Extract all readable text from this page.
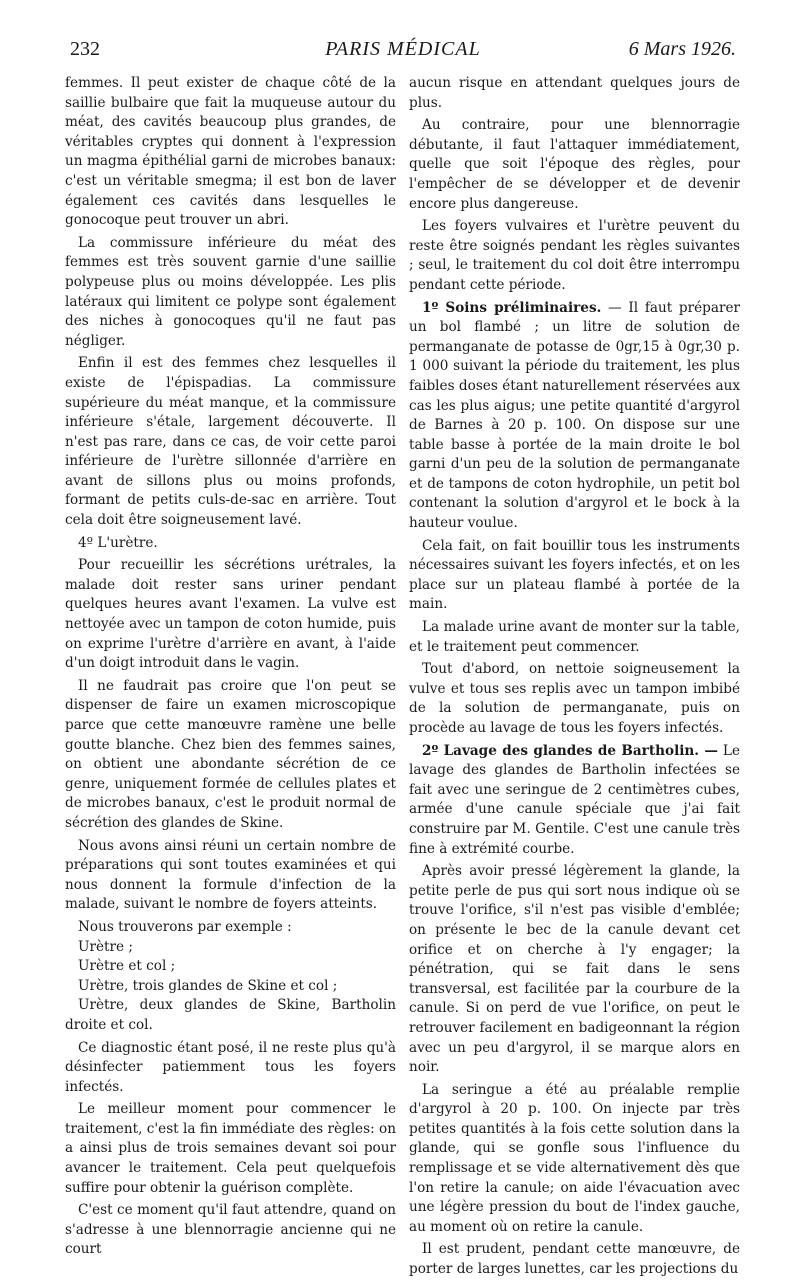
232	PARIS MÉDICAL	6 Mars 1926.

femmes. Il peut exister de chaque côté de la saillie bulbaire que fait la muqueuse autour du méat, des cavités beaucoup plus grandes, de véritables cryptes qui donnent à l'expression un magma épithélial garni de microbes banaux: c'est un véritable smegma; il est bon de laver également ces cavités dans lesquelles le gonocoque peut trouver un abri.

La commissure inférieure du méat des femmes est très souvent garnie d'une saillie polypeuse plus ou moins développée. Les plis latéraux qui limitent ce polype sont également des niches à gonocoques qu'il ne faut pas négliger.

Enfin il est des femmes chez lesquelles il existe de l'épispadias. La commissure supérieure du méat manque, et la commissure inférieure s'étale, largement découverte. Il n'est pas rare, dans ce cas, de voir cette paroi inférieure de l'urètre sillonnée d'arrière en avant de sillons plus ou moins profonds, formant de petits culs-de-sac en arrière. Tout cela doit être soigneusement lavé.

4º L'urètre.

Pour recueillir les sécrétions urétrales, la malade doit rester sans uriner pendant quelques heures avant l'examen. La vulve est nettoyée avec un tampon de coton humide, puis on exprime l'urètre d'arrière en avant, à l'aide d'un doigt introduit dans le vagin.

Il ne faudrait pas croire que l'on peut se dispenser de faire un examen microscopique parce que cette manœuvre ramène une belle goutte blanche. Chez bien des femmes saines, on obtient une abondante sécrétion de ce genre, uniquement formée de cellules plates et de microbes banaux, c'est le produit normal de sécrétion des glandes de Skine.

Nous avons ainsi réuni un certain nombre de préparations qui sont toutes examinées et qui nous donnent la formule d'infection de la malade, suivant le nombre de foyers atteints.

Nous trouverons par exemple :

Urètre ;

Urètre et col ;

Urètre, trois glandes de Skine et col ;

Urètre, deux glandes de Skine, Bartholin droite et col.

Ce diagnostic étant posé, il ne reste plus qu'à désinfecter patiemment tous les foyers infectés.

Le meilleur moment pour commencer le traitement, c'est la fin immédiate des règles: on a ainsi plus de trois semaines devant soi pour avancer le traitement. Cela peut quelquefois suffire pour obtenir la guérison complète.

C'est ce moment qu'il faut attendre, quand on s'adresse à une blennorragie ancienne qui ne court

aucun risque en attendant quelques jours de plus.

Au contraire, pour une blennorragie débutante, il faut l'attaquer immédiatement, quelle que soit l'époque des règles, pour l'empêcher de se développer et de devenir encore plus dangereuse.

Les foyers vulvaires et l'urètre peuvent du reste être soignés pendant les règles suivantes ; seul, le traitement du col doit être interrompu pendant cette période.

1º Soins préliminaires. — Il faut préparer un bol flambé ; un litre de solution de permanganate de potasse de 0gr,15 à 0gr,30 p. 1 000 suivant la période du traitement, les plus faibles doses étant naturellement réservées aux cas les plus aigus; une petite quantité d'argyrol de Barnes à 20 p. 100. On dispose sur une table basse à portée de la main droite le bol garni d'un peu de la solution de permanganate et de tampons de coton hydrophile, un petit bol contenant la solution d'argyrol et le bock à la hauteur voulue.

Cela fait, on fait bouillir tous les instruments nécessaires suivant les foyers infectés, et on les place sur un plateau flambé à portée de la main.

La malade urine avant de monter sur la table, et le traitement peut commencer.

Tout d'abord, on nettoie soigneusement la vulve et tous ses replis avec un tampon imbibé de la solution de permanganate, puis on procède au lavage de tous les foyers infectés.

2º Lavage des glandes de Bartholin. — Le lavage des glandes de Bartholin infectées se fait avec une seringue de 2 centimètres cubes, armée d'une canule spéciale que j'ai fait construire par M. Gentile. C'est une canule très fine à extrémité courbe.

Après avoir pressé légèrement la glande, la petite perle de pus qui sort nous indique où se trouve l'orifice, s'il n'est pas visible d'emblée; on présente le bec de la canule devant cet orifice et on cherche à l'y engager; la pénétration, qui se fait dans le sens transversal, est facilitée par la courbure de la canule. Si on perd de vue l'orifice, on peut le retrouver facilement en badigeonnant la région avec un peu d'argyrol, il se marque alors en noir.

La seringue a été au préalable remplie d'argyrol à 20 p. 100. On injecte par très petites quantités à la fois cette solution dans la glande, qui se gonfle sous l'influence du remplissage et se vide alternativement dès que l'on retire la canule; on aide l'évacuation avec une légère pression du bout de l'index gauche, au moment où on retire la canule.

Il est prudent, pendant cette manœuvre, de porter de larges lunettes, car les projections du
